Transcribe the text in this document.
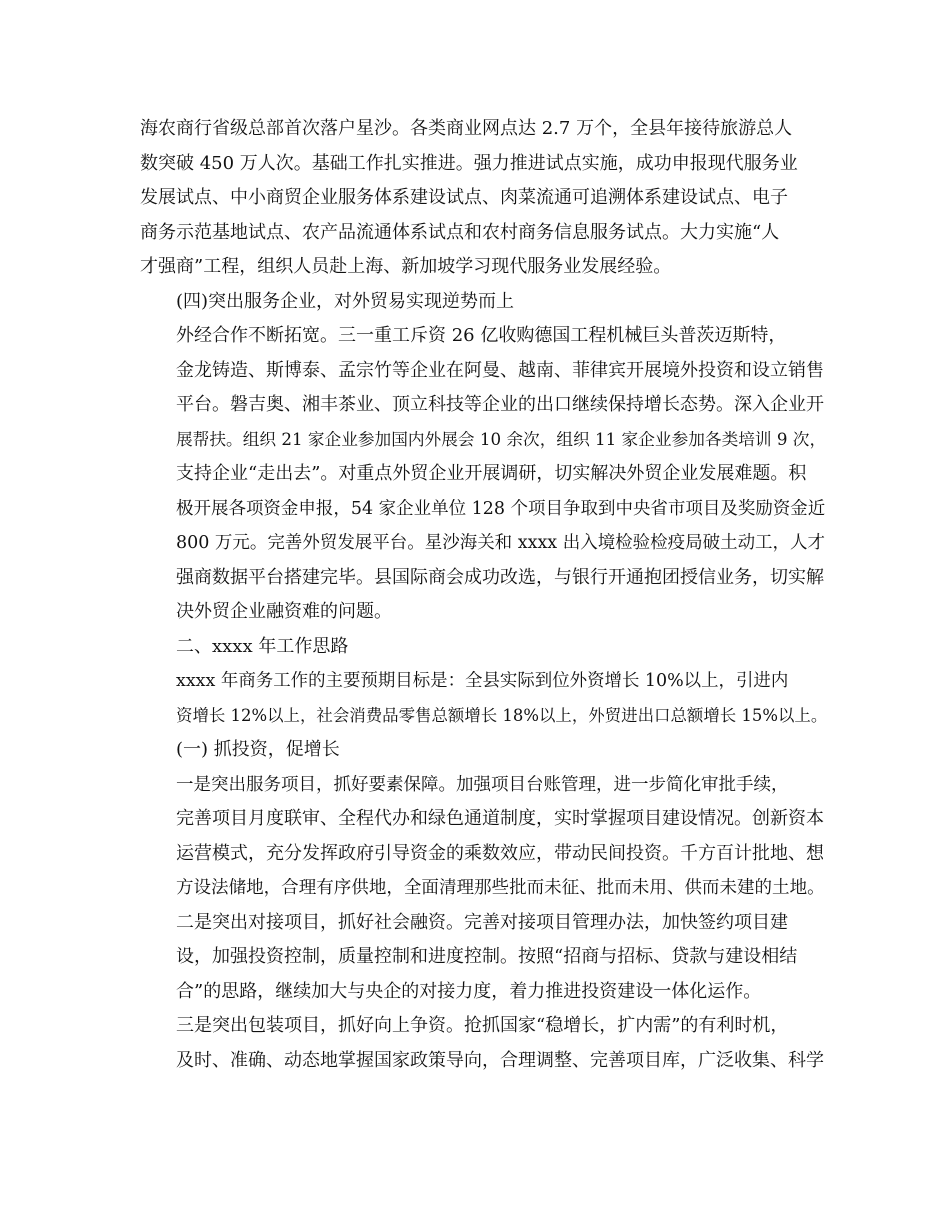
海农商行省级总部首次落户星沙。各类商业网点达 2.7 万个，全县年接待旅游总人
数突破 450 万人次。基础工作扎实推进。强力推进试点实施，成功申报现代服务业
发展试点、中小商贸企业服务体系建设试点、肉菜流通可追溯体系建设试点、电子
商务示范基地试点、农产品流通体系试点和农村商务信息服务试点。大力实施“人
才强商”工程，组织人员赴上海、新加坡学习现代服务业发展经验。

(四)突出服务企业，对外贸易实现逆势而上

外经合作不断拓宽。三一重工斥资 26 亿收购德国工程机械巨头普茨迈斯特，
金龙铸造、斯博泰、孟宗竹等企业在阿曼、越南、菲律宾开展境外投资和设立销售
平台。磐吉奥、湘丰茶业、顶立科技等企业的出口继续保持增长态势。深入企业开
展帮扶。组织 21 家企业参加国内外展会 10 余次，组织 11 家企业参加各类培训 9 次，
支持企业“走出去”。对重点外贸企业开展调研，切实解决外贸企业发展难题。积
极开展各项资金申报，54 家企业单位 128 个项目争取到中央省市项目及奖励资金近
800 万元。完善外贸发展平台。星沙海关和 xxxx 出入境检验检疫局破土动工，人才
强商数据平台搭建完毕。县国际商会成功改选，与银行开通抱团授信业务，切实解
决外贸企业融资难的问题。

二、xxxx 年工作思路

xxxx 年商务工作的主要预期目标是：全县实际到位外资增长 10%以上，引进内
资增长 12%以上，社会消费品零售总额增长 18%以上，外贸进出口总额增长 15%以上。

(一) 抓投资，促增长

一是突出服务项目，抓好要素保障。加强项目台账管理，进一步简化审批手续，
完善项目月度联审、全程代办和绿色通道制度，实时掌握项目建设情况。创新资本
运营模式，充分发挥政府引导资金的乘数效应，带动民间投资。千方百计批地、想
方设法储地，合理有序供地，全面清理那些批而未征、批而未用、供而未建的土地。

二是突出对接项目，抓好社会融资。完善对接项目管理办法，加快签约项目建
设，加强投资控制，质量控制和进度控制。按照“招商与招标、贷款与建设相结
合”的思路，继续加大与央企的对接力度，着力推进投资建设一体化运作。

三是突出包装项目，抓好向上争资。抢抓国家“稳增长，扩内需”的有利时机，
及时、准确、动态地掌握国家政策导向，合理调整、完善项目库，广泛收集、科学
